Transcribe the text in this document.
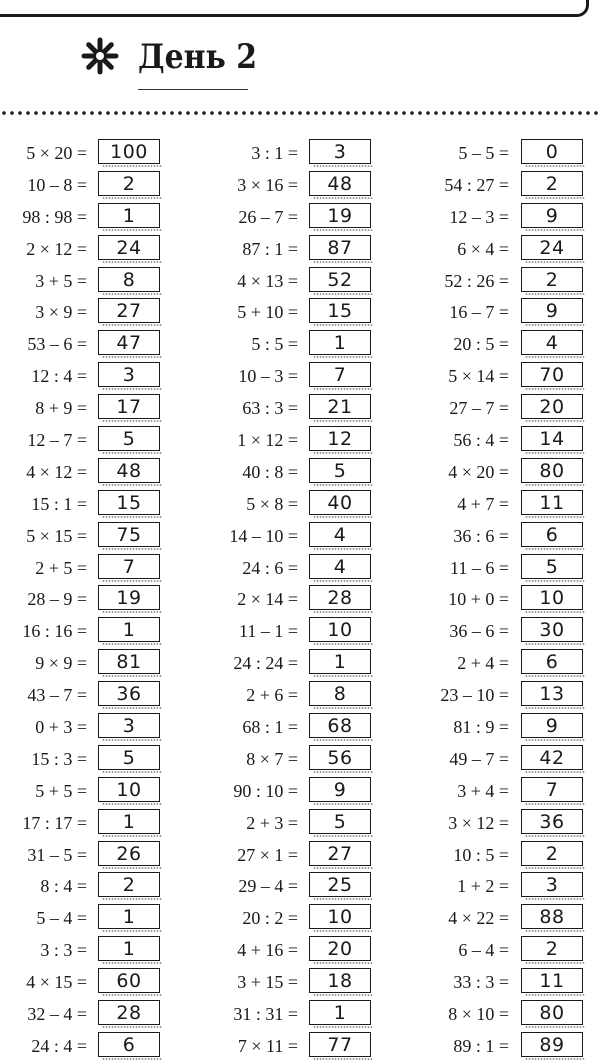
День 2
5 × 20 =	100
10 – 8 =	2
98 : 98 =	1
2 × 12 =	24
3 + 5 =	8
3 × 9 =	27
53 – 6 =	47
12 : 4 =	3
8 + 9 =	17
12 – 7 =	5
4 × 12 =	48
15 : 1 =	15
5 × 15 =	75
2 + 5 =	7
28 – 9 =	19
16 : 16 =	1
9 × 9 =	81
43 – 7 =	36
0 + 3 =	3
15 : 3 =	5
5 + 5 =	10
17 : 17 =	1
31 – 5 =	26
8 : 4 =	2
5 – 4 =	1
3 : 3 =	1
4 × 15 =	60
32 – 4 =	28
24 : 4 =	6
3 : 1 =	3
3 × 16 =	48
26 – 7 =	19
87 : 1 =	87
4 × 13 =	52
5 + 10 =	15
5 : 5 =	1
10 – 3 =	7
63 : 3 =	21
1 × 12 =	12
40 : 8 =	5
5 × 8 =	40
14 – 10 =	4
24 : 6 =	4
2 × 14 =	28
11 – 1 =	10
24 : 24 =	1
2 + 6 =	8
68 : 1 =	68
8 × 7 =	56
90 : 10 =	9
2 + 3 =	5
27 × 1 =	27
29 – 4 =	25
20 : 2 =	10
4 + 16 =	20
3 + 15 =	18
31 : 31 =	1
7 × 11 =	77
5 – 5 =	0
54 : 27 =	2
12 – 3 =	9
6 × 4 =	24
52 : 26 =	2
16 – 7 =	9
20 : 5 =	4
5 × 14 =	70
27 – 7 =	20
56 : 4 =	14
4 × 20 =	80
4 + 7 =	11
36 : 6 =	6
11 – 6 =	5
10 + 0 =	10
36 – 6 =	30
2 + 4 =	6
23 – 10 =	13
81 : 9 =	9
49 – 7 =	42
3 + 4 =	7
3 × 12 =	36
10 : 5 =	2
1 + 2 =	3
4 × 22 =	88
6 – 4 =	2
33 : 3 =	11
8 × 10 =	80
89 : 1 =	89
